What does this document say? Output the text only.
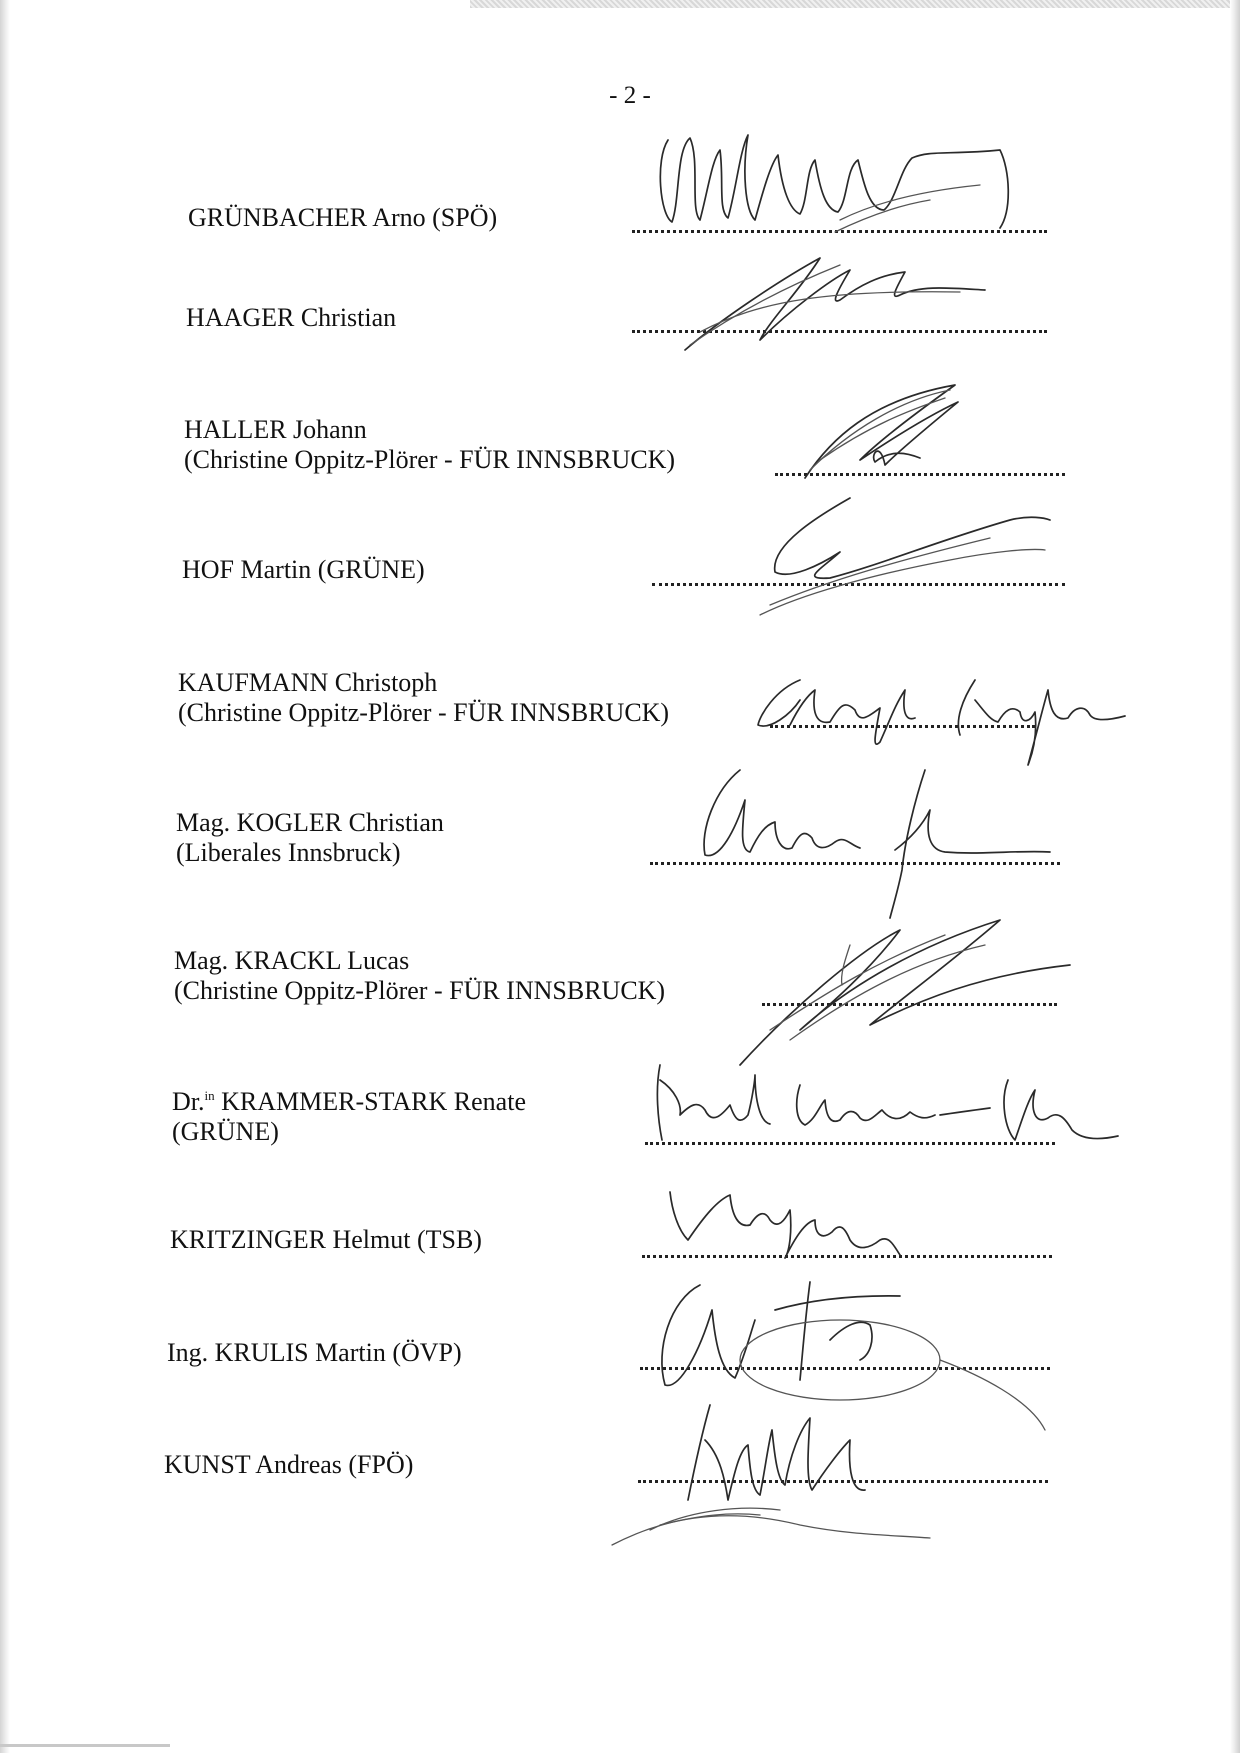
- 2 -
GRÜNBACHER Arno (SPÖ)
HAAGER Christian
HALLER Johann
(Christine Oppitz-Plörer - FÜR INNSBRUCK)
HOF Martin (GRÜNE)
KAUFMANN Christoph
(Christine Oppitz-Plörer - FÜR INNSBRUCK)
Mag. KOGLER Christian
(Liberales Innsbruck)
Mag. KRACKL Lucas
(Christine Oppitz-Plörer - FÜR INNSBRUCK)
Dr.$^{in}$ KRAMMER-STARK Renate
(GRÜNE)
KRITZINGER Helmut (TSB)
Ing. KRULIS Martin (ÖVP)
KUNST Andreas (FPÖ)
